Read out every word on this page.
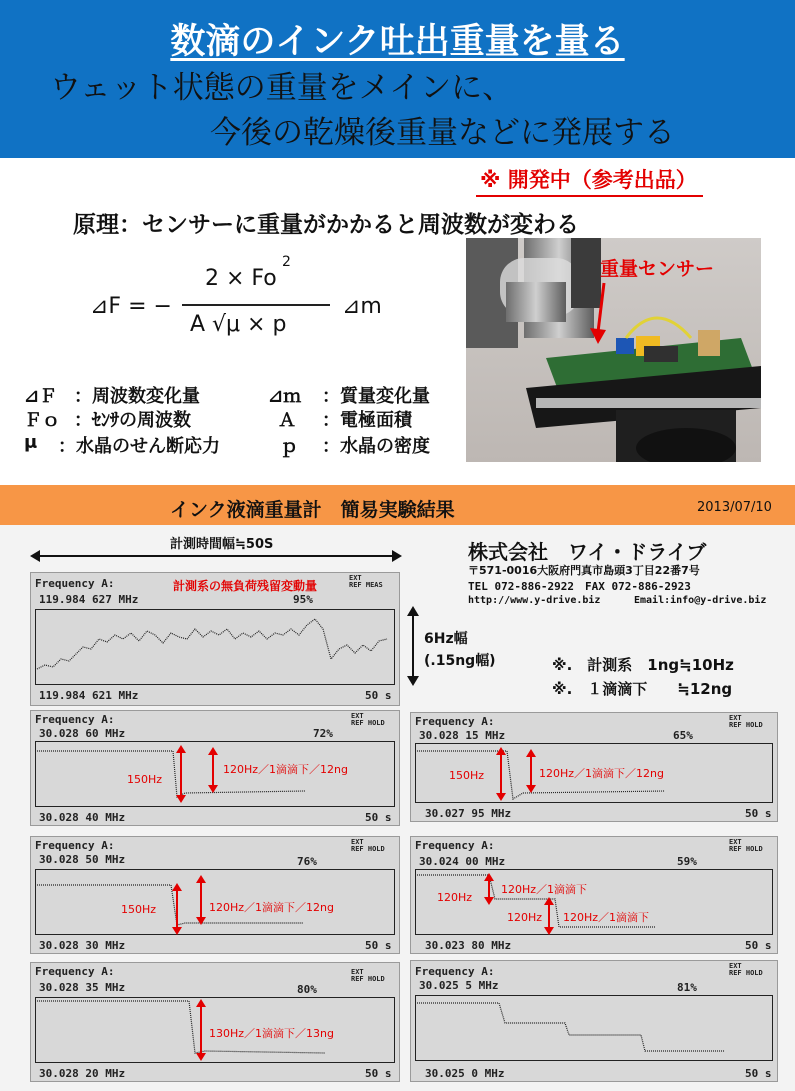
数滴のインク吐出重量を量る
ウェット状態の重量をメインに、
今後の乾燥後重量などに発展する
※ 開発中（参考出品）
原理：センサーに重量がかかると周波数が変わる
⊿F = −
2 × Fo
2
A √μ × p
⊿m
⊿Ｆ ：周波数変化量	⊿ｍ ：質量変化量
Ｆｏ ：ｾﾝｻの周波数	Ａ ：電極面積
μ ：水晶のせん断応力	ｐ ：水晶の密度
重量センサー
インク液滴重量計　簡易実験結果	2013/07/10
計測時間幅≒50S	株式会社　ワイ・ドライブ
〒571-0016大阪府門真市島頭3丁目22番7号
TEL 072-886-2922　FAX 072-886-2923
http://www.y-drive.biz	Email:info@y-drive.biz
6Hz幅
(.15ng幅)	※.　計測系　1ng≒10Hz
※.　１滴滴下　　≒12ng
Frequency A:
119.984 627 MHz	95%
EXT
REF MEAS
計測系の無負荷残留変動量
119.984 621 MHz	50 s
Frequency A:
30.028 60 MHz	72%
EXT
REF HOLD
150Hz
120Hz／1滴滴下／12ng
30.028 40 MHz	50 s
Frequency A:
30.028 15 MHz	65%
EXT
REF HOLD
150Hz	120Hz／1滴滴下／12ng
30.027 95 MHz	50 s
Frequency A:
30.028 50 MHz	76%
EXT
REF HOLD
150Hz	120Hz／1滴滴下／12ng
30.028 30 MHz	50 s
Frequency A:
30.024 00 MHz	59%
EXT
REF HOLD
120Hz
120Hz／1滴滴下
120Hz 120Hz／1滴滴下
30.023 80 MHz	50 s
Frequency A:
30.028 35 MHz	80%
EXT
REF HOLD
130Hz／1滴滴下／13ng
30.028 20 MHz	50 s
Frequency A:
30.025 5 MHz	81%
EXT
REF HOLD
30.025 0 MHz	50 s
